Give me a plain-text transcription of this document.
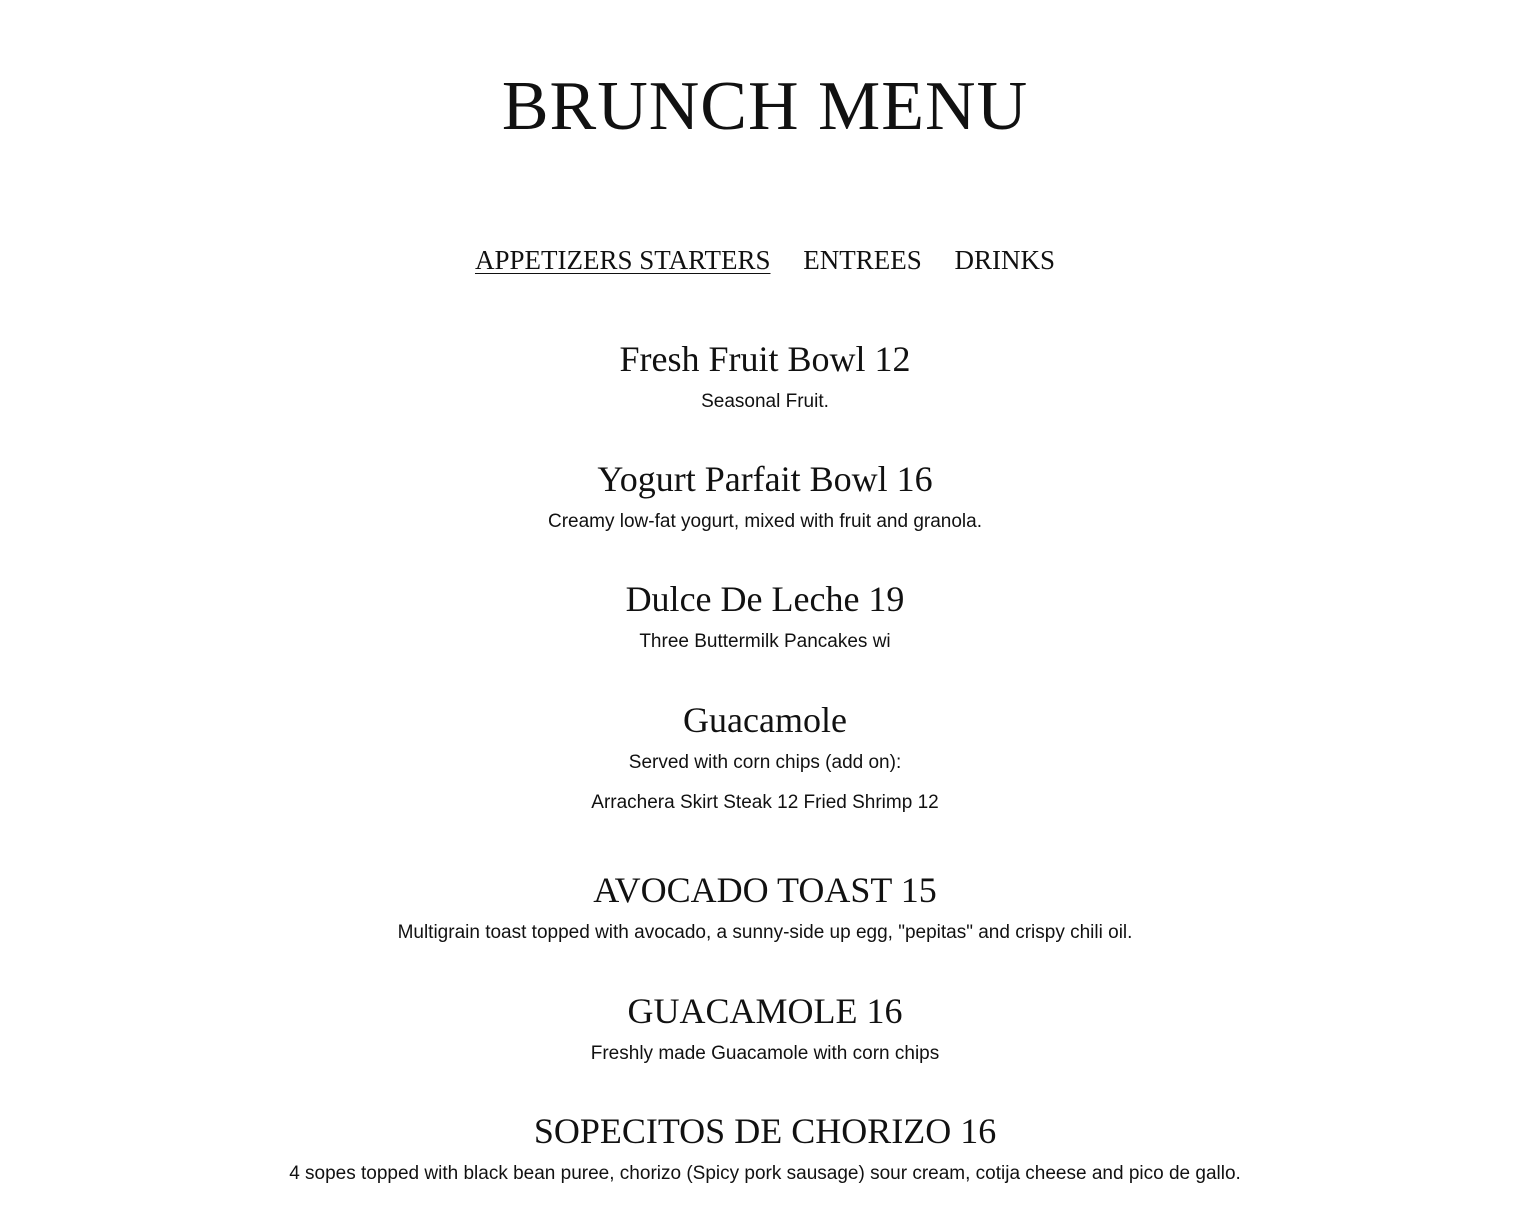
BRUNCH MENU
APPETIZERS STARTERS ENTREES DRINKS
Fresh Fruit Bowl 12

Seasonal Fruit.

Yogurt Parfait Bowl 16

Creamy low-fat yogurt, mixed with fruit and granola.

Dulce De Leche 19

Three Buttermilk Pancakes wi

Guacamole

Served with corn chips (add on):

Arrachera Skirt Steak 12 Fried Shrimp 12

AVOCADO TOAST 15

Multigrain toast topped with avocado, a sunny-side up egg, "pepitas" and crispy chili oil.

GUACAMOLE 16

Freshly made Guacamole with corn chips

SOPECITOS DE CHORIZO 16

4 sopes topped with black bean puree, chorizo (Spicy pork sausage) sour cream, cotija cheese and pico de gallo.
